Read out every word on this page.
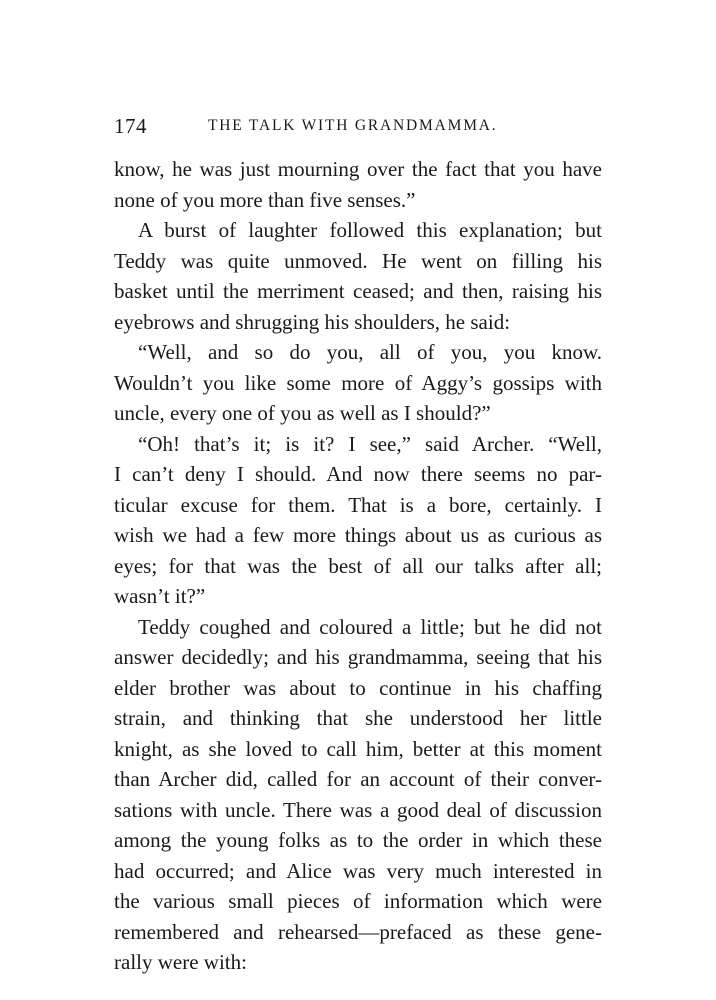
174	THE TALK WITH GRANDMAMMA.
know, he was just mourning over the fact that you have
none of you more than five senses.”
A burst of laughter followed this explanation; but
Teddy was quite unmoved. He went on filling his
basket until the merriment ceased; and then, raising his
eyebrows and shrugging his shoulders, he said:
“Well, and so do you, all of you, you know.
Wouldn’t you like some more of Aggy’s gossips with
uncle, every one of you as well as I should?”
“Oh! that’s it; is it? I see,” said Archer. “Well,
I can’t deny I should. And now there seems no par-
ticular excuse for them. That is a bore, certainly. I
wish we had a few more things about us as curious as
eyes; for that was the best of all our talks after all;
wasn’t it?”
Teddy coughed and coloured a little; but he did not
answer decidedly; and his grandmamma, seeing that his
elder brother was about to continue in his chaffing
strain, and thinking that she understood her little
knight, as she loved to call him, better at this moment
than Archer did, called for an account of their conver-
sations with uncle. There was a good deal of discussion
among the young folks as to the order in which these
had occurred; and Alice was very much interested in
the various small pieces of information which were
remembered and rehearsed—prefaced as these gene-
rally were with:
